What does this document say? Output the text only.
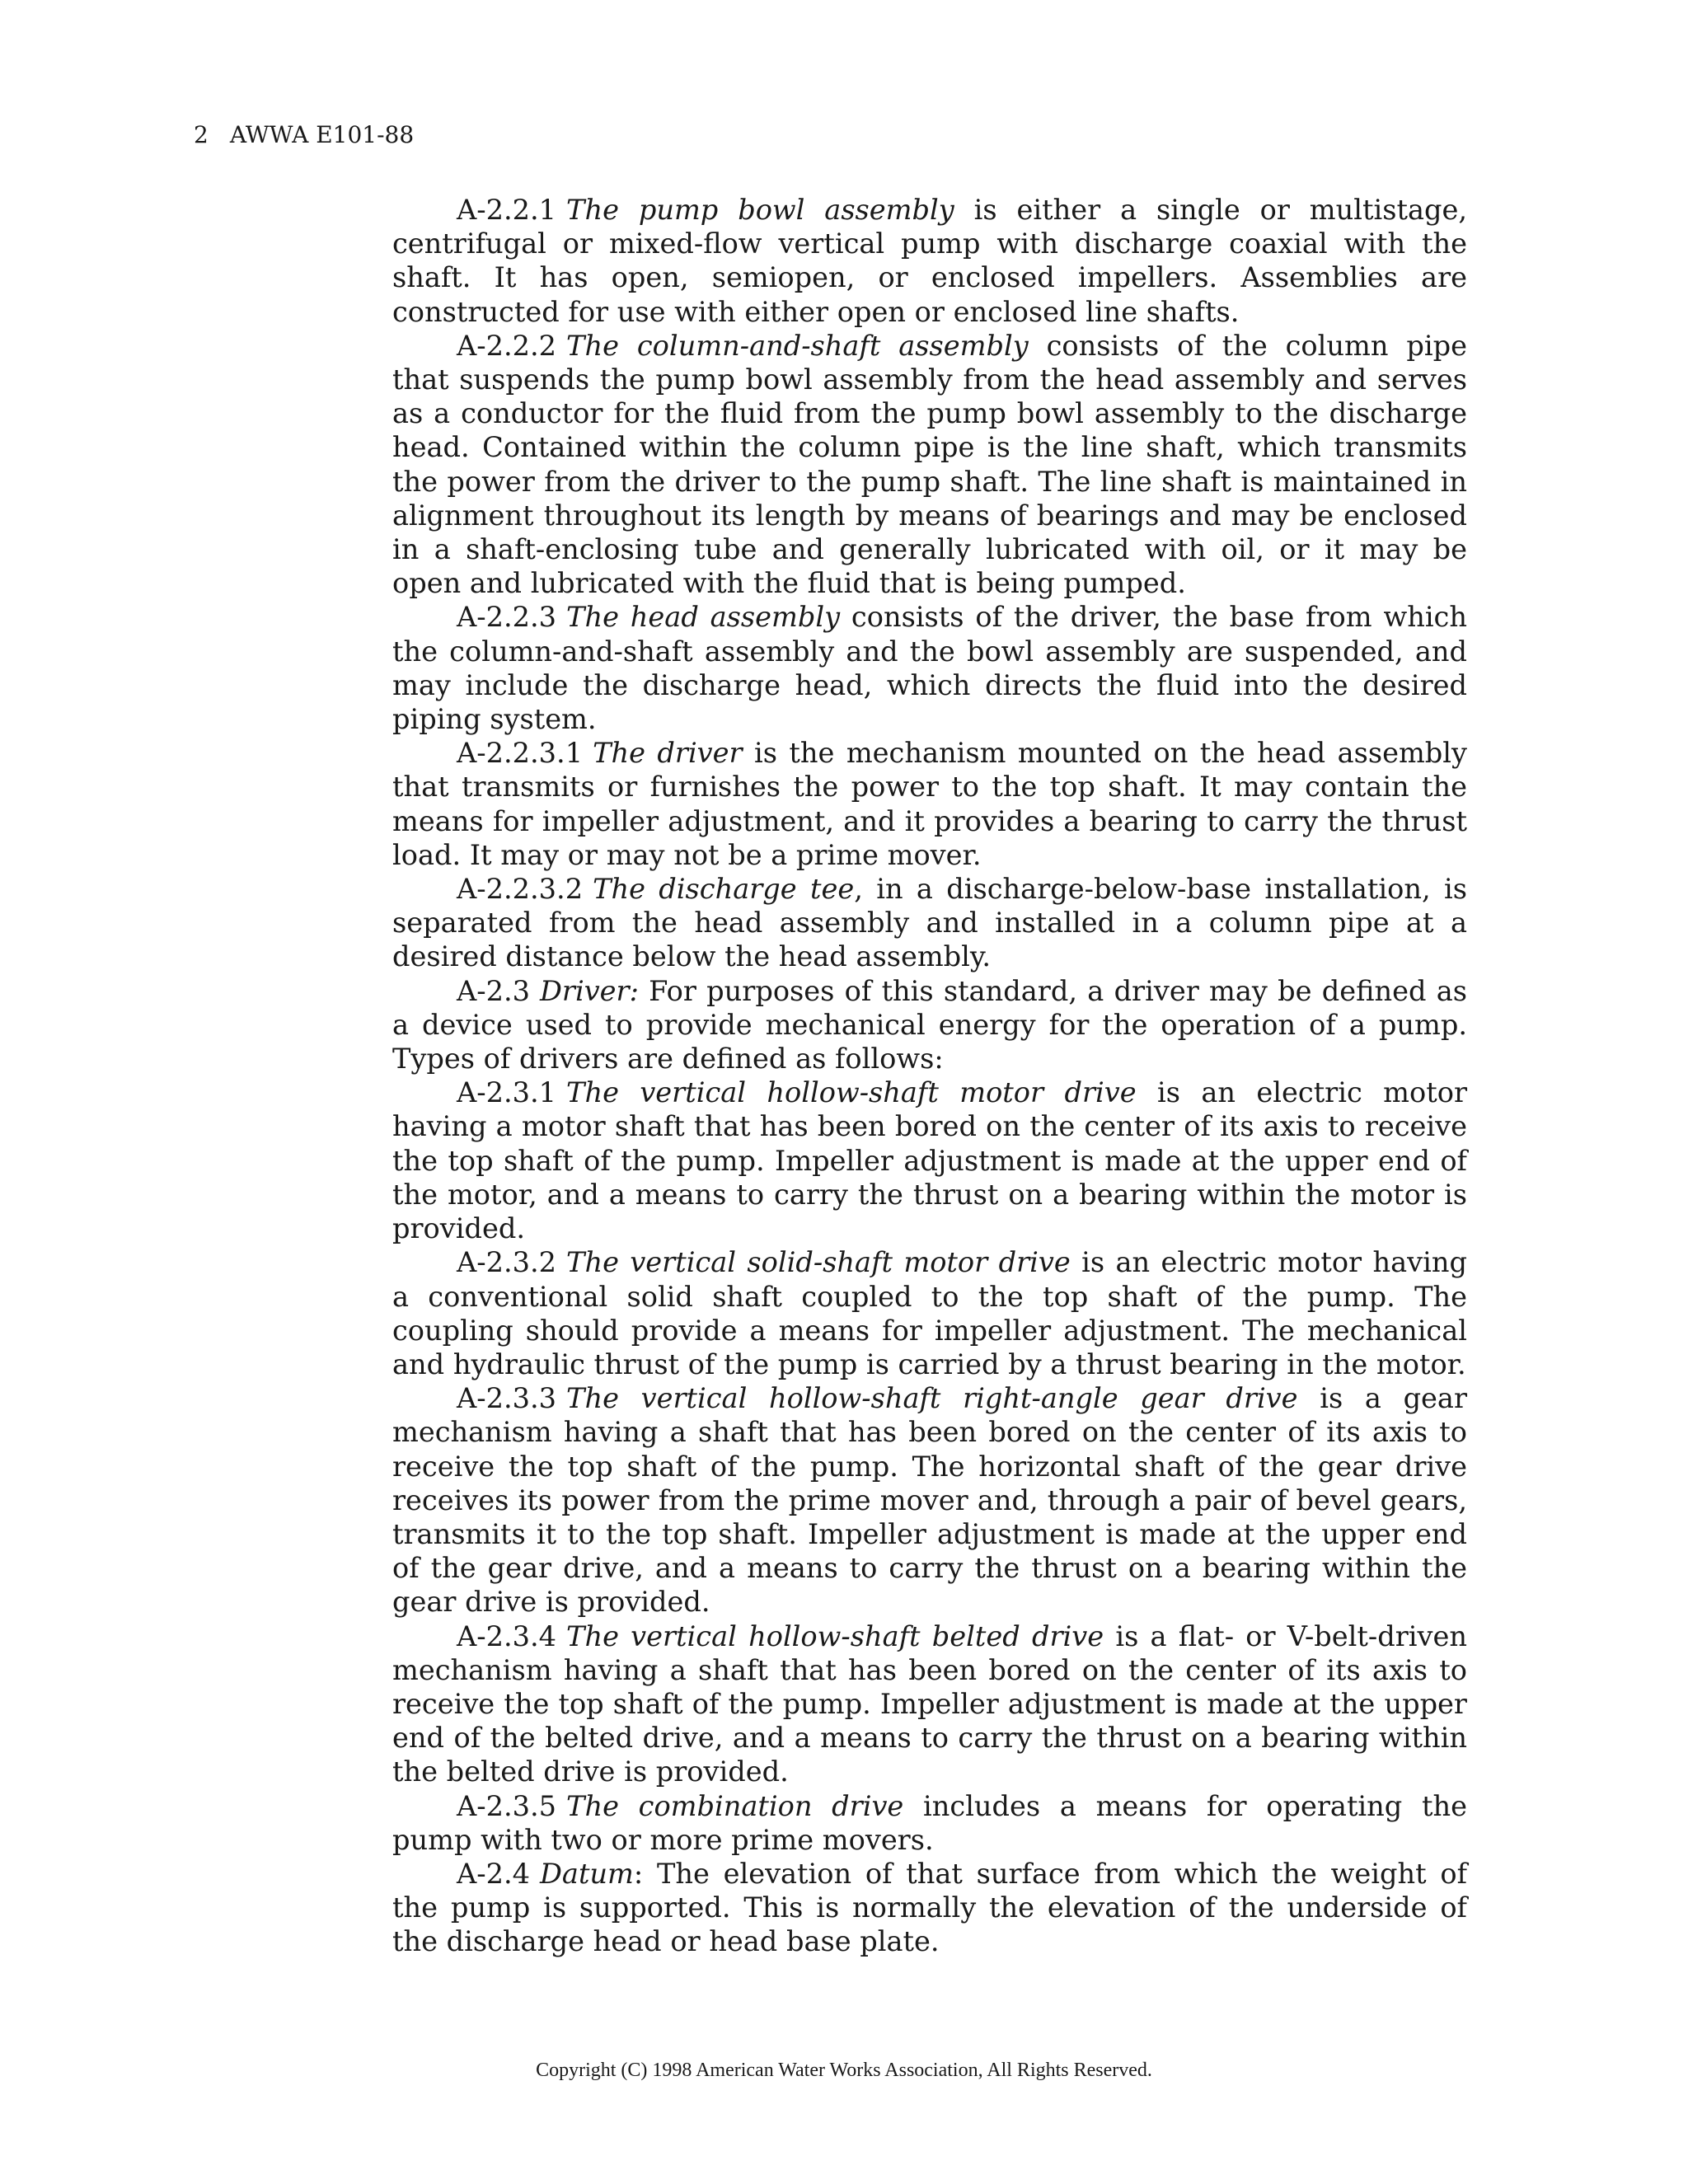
2 AWWA E101-88

A-2.2.1 The pump bowl assembly is either a single or multistage, centrifugal or mixed-flow vertical pump with discharge coaxial with the shaft. It has open, semiopen, or enclosed impellers. Assemblies are constructed for use with either open or enclosed line shafts.

A-2.2.2 The column-and-shaft assembly consists of the column pipe that suspends the pump bowl assembly from the head assembly and serves as a conductor for the fluid from the pump bowl assembly to the discharge head. Contained within the column pipe is the line shaft, which transmits the power from the driver to the pump shaft. The line shaft is maintained in alignment throughout its length by means of bearings and may be enclosed in a shaft-enclosing tube and generally lubricated with oil, or it may be open and lubricated with the fluid that is being pumped.

A-2.2.3 The head assembly consists of the driver, the base from which the column-and-shaft assembly and the bowl assembly are suspended, and may include the discharge head, which directs the fluid into the desired piping system.

A-2.2.3.1 The driver is the mechanism mounted on the head assembly that transmits or furnishes the power to the top shaft. It may contain the means for impeller adjustment, and it provides a bearing to carry the thrust load. It may or may not be a prime mover.

A-2.2.3.2 The discharge tee, in a discharge-below-base installation, is separated from the head assembly and installed in a column pipe at a desired distance below the head assembly.

A-2.3 Driver: For purposes of this standard, a driver may be defined as a device used to provide mechanical energy for the operation of a pump. Types of drivers are defined as follows:

A-2.3.1 The vertical hollow-shaft motor drive is an electric motor having a motor shaft that has been bored on the center of its axis to receive the top shaft of the pump. Impeller adjustment is made at the upper end of the motor, and a means to carry the thrust on a bearing within the motor is provided.

A-2.3.2 The vertical solid-shaft motor drive is an electric motor having a conventional solid shaft coupled to the top shaft of the pump. The coupling should provide a means for impeller adjustment. The mechanical and hydraulic thrust of the pump is carried by a thrust bearing in the motor.

A-2.3.3 The vertical hollow-shaft right-angle gear drive is a gear mechanism having a shaft that has been bored on the center of its axis to receive the top shaft of the pump. The horizontal shaft of the gear drive receives its power from the prime mover and, through a pair of bevel gears, transmits it to the top shaft. Impeller adjustment is made at the upper end of the gear drive, and a means to carry the thrust on a bearing within the gear drive is provided.

A-2.3.4 The vertical hollow-shaft belted drive is a flat- or V-belt-driven mechanism having a shaft that has been bored on the center of its axis to receive the top shaft of the pump. Impeller adjustment is made at the upper end of the belted drive, and a means to carry the thrust on a bearing within the belted drive is provided.

A-2.3.5 The combination drive includes a means for operating the pump with two or more prime movers.

A-2.4 Datum: The elevation of that surface from which the weight of the pump is supported. This is normally the elevation of the underside of the discharge head or head base plate.

Copyright (C) 1998 American Water Works Association, All Rights Reserved.
